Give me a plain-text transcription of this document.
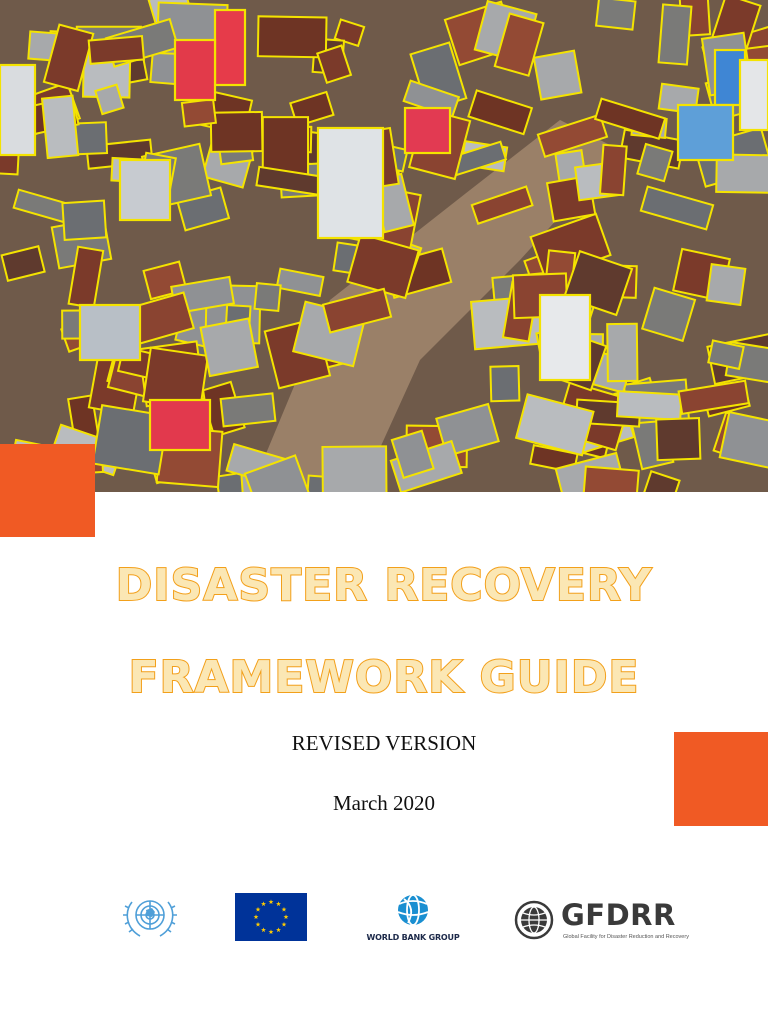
DISASTER RECOVERY
FRAMEWORK GUIDE
REVISED VERSION
March 2020
WORLD BANK GROUP
GFDRR
Global Facility for Disaster Reduction and Recovery
